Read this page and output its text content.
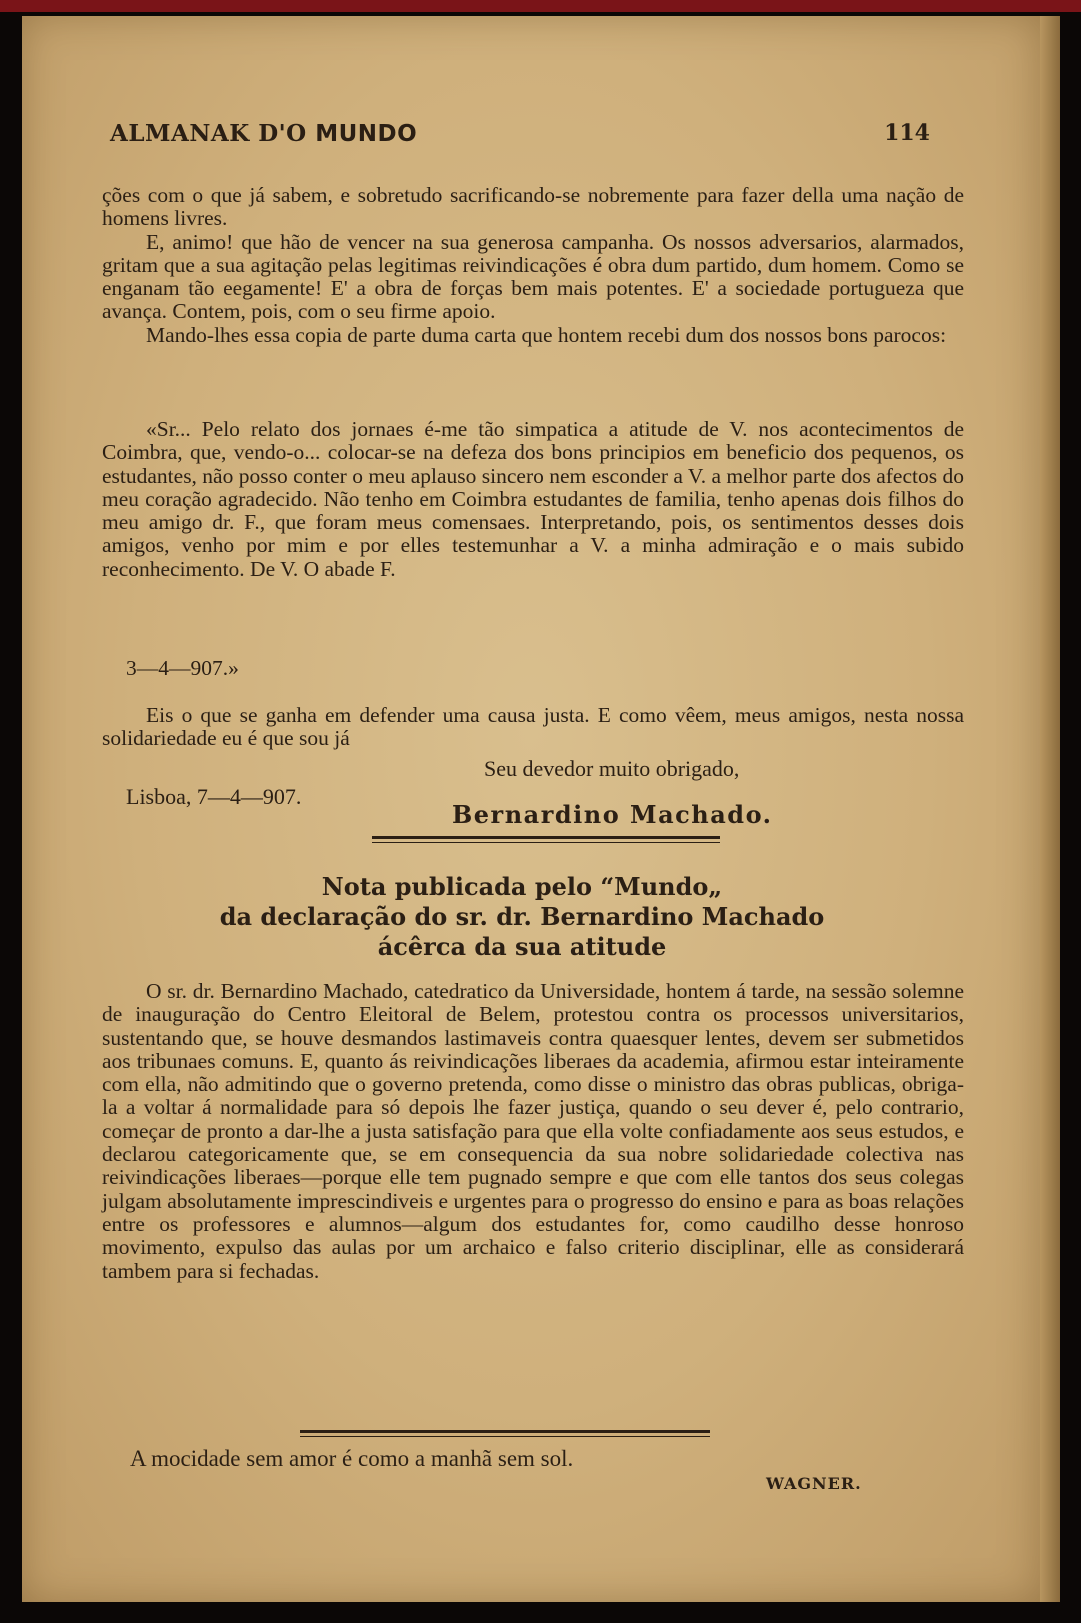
ALMANAK D'O MUNDO	114

ções com o que já sabem, e sobretudo sacrificando-se nobremente para fazer della uma nação de homens livres.

E, animo! que hão de vencer na sua generosa campanha. Os nossos adversarios, alarmados, gritam que a sua agitação pelas legitimas reivindicações é obra dum partido, dum homem. Como se enganam tão eegamente! E' a obra de forças bem mais potentes. E' a sociedade portugueza que avança. Contem, pois, com o seu firme apoio.

Mando-lhes essa copia de parte duma carta que hontem recebi dum dos nossos bons parocos:

«Sr... Pelo relato dos jornaes é-me tão simpatica a atitude de V. nos acontecimentos de Coimbra, que, vendo-o... colocar-se na defeza dos bons principios em beneficio dos pequenos, os estudantes, não posso conter o meu aplauso sincero nem esconder a V. a melhor parte dos afectos do meu coração agradecido. Não tenho em Coimbra estudantes de familia, tenho apenas dois filhos do meu amigo dr. F., que foram meus comensaes. Interpretando, pois, os sentimentos desses dois amigos, venho por mim e por elles testemunhar a V. a minha admiração e o mais subido reconhecimento. De V. O abade F.

3—4—907.»

Eis o que se ganha em defender uma causa justa. E como vêem, meus amigos, nesta nossa solidariedade eu é que sou já

Seu devedor muito obrigado,
Lisboa, 7—4—907.
Bernardino Machado.
Nota publicada pelo “Mundo„
da declaração do sr. dr. Bernardino Machado
ácêrca da sua atitude

O sr. dr. Bernardino Machado, catedratico da Universidade, hontem á tarde, na sessão solemne de inauguração do Centro Eleitoral de Belem, protestou contra os processos universitarios, sustentando que, se houve desmandos lastimaveis contra quaesquer lentes, devem ser submetidos aos tribunaes comuns. E, quanto ás reivindicações liberaes da academia, afirmou estar inteiramente com ella, não admitindo que o governo pretenda, como disse o ministro das obras publicas, obriga-la a voltar á normalidade para só depois lhe fazer justiça, quando o seu dever é, pelo contrario, começar de pronto a dar-lhe a justa satisfação para que ella volte confiadamente aos seus estudos, e declarou categoricamente que, se em consequencia da sua nobre solidariedade colectiva nas reivindicações liberaes—porque elle tem pugnado sempre e que com elle tantos dos seus colegas julgam absolutamente imprescindiveis e urgentes para o progresso do ensino e para as boas relações entre os professores e alumnos—algum dos estudantes for, como caudilho desse honroso movimento, expulso das aulas por um archaico e falso criterio disciplinar, elle as considerará tambem para si fechadas.

A mocidade sem amor é como a manhã sem sol.
WAGNER.
